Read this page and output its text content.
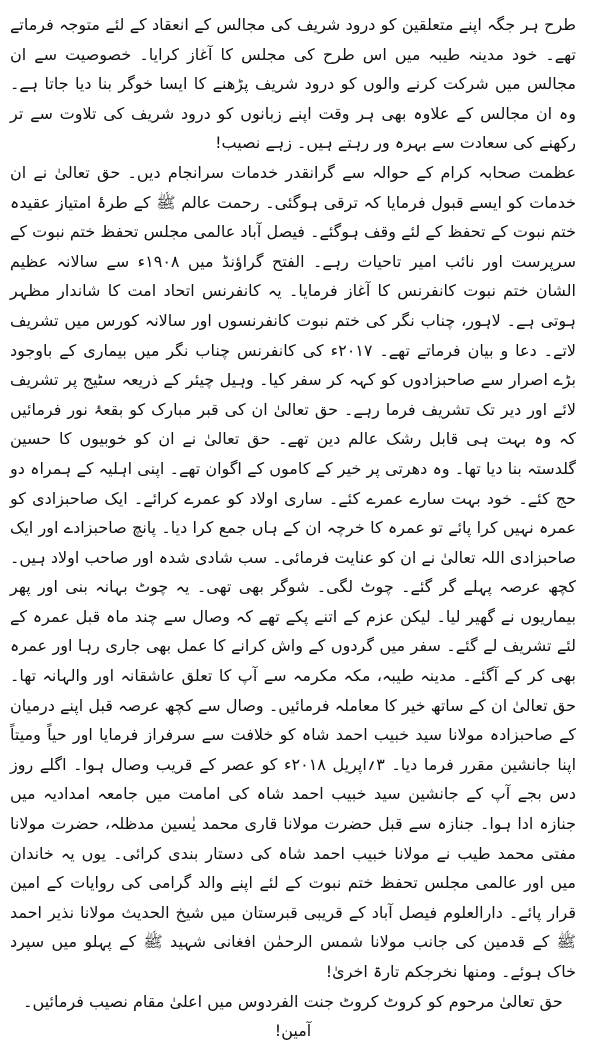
طرح ہر جگہ اپنے متعلقین کو درود شریف کی مجالس کے انعقاد کے لئے متوجہ فرماتے تھے۔ خود مدینہ طیبہ میں اس طرح کی مجلس کا آغاز کرایا۔ خصوصیت سے ان مجالس میں شرکت کرنے والوں کو درود شریف پڑھنے کا ایسا خوگر بنا دیا جاتا ہے۔ وہ ان مجالس کے علاوہ بھی ہر وقت اپنے زبانوں کو درود شریف کی تلاوت سے تر رکھنے کی سعادت سے بہرہ ور رہتے ہیں۔ زہے نصیب!

عظمت صحابہ کرام کے حوالہ سے گرانقدر خدمات سرانجام دیں۔ حق تعالیٰ نے ان خدمات کو ایسے قبول فرمایا کہ ترقی ہوگئی۔ رحمت عالم ﷺ کے طرۂ امتیاز عقیدہ ختم نبوت کے تحفظ کے لئے وقف ہوگئے۔ فیصل آباد عالمی مجلس تحفظ ختم نبوت کے سرپرست اور نائب امیر تاحیات رہے۔ الفتح گراؤنڈ میں ۱۹۰۸ء سے سالانہ عظیم الشان ختم نبوت کانفرنس کا آغاز فرمایا۔ یہ کانفرنس اتحاد امت کا شاندار مظہر ہوتی ہے۔ لاہور، چناب نگر کی ختم نبوت کانفرنسوں اور سالانہ کورس میں تشریف لاتے۔ دعا و بیان فرماتے تھے۔ ۲۰۱۷ء کی کانفرنس چناب نگر میں بیماری کے باوجود بڑے اصرار سے صاحبزادوں کو کہہ کر سفر کیا۔ وہیل چیئر کے ذریعہ سٹیج پر تشریف لائے اور دیر تک تشریف فرما رہے۔ حق تعالیٰ ان کی قبر مبارک کو بقعۂ نور فرمائیں کہ وہ بہت ہی قابل رشک عالم دین تھے۔ حق تعالیٰ نے ان کو خوبیوں کا حسین گلدستہ بنا دیا تھا۔ وہ دھرتی پر خیر کے کاموں کے اگوان تھے۔ اپنی اہلیہ کے ہمراہ دو حج کئے۔ خود بہت سارے عمرے کئے۔ ساری اولاد کو عمرے کرائے۔ ایک صاحبزادی کو عمرہ نہیں کرا پائے تو عمرہ کا خرچہ ان کے ہاں جمع کرا دیا۔ پانچ صاحبزادے اور ایک صاحبزادی اللہ تعالیٰ نے ان کو عنایت فرمائی۔ سب شادی شدہ اور صاحب اولاد ہیں۔ کچھ عرصہ پہلے گر گئے۔ چوٹ لگی۔ شوگر بھی تھی۔ یہ چوٹ بہانہ بنی اور پھر بیماریوں نے گھیر لیا۔ لیکن عزم کے اتنے پکے تھے کہ وصال سے چند ماہ قبل عمرہ کے لئے تشریف لے گئے۔ سفر میں گردوں کے واش کرانے کا عمل بھی جاری رہا اور عمرہ بھی کر کے آگئے۔ مدینہ طیبہ، مکہ مکرمہ سے آپ کا تعلق عاشقانہ اور والہانہ تھا۔ حق تعالیٰ ان کے ساتھ خیر کا معاملہ فرمائیں۔ وصال سے کچھ عرصہ قبل اپنے درمیان کے صاحبزادہ مولانا سید خبیب احمد شاہ کو خلافت سے سرفراز فرمایا اور حیاً ومیتاً اپنا جانشین مقرر فرما دیا۔ ۳؍اپریل ۲۰۱۸ء کو عصر کے قریب وصال ہوا۔ اگلے روز دس بجے آپ کے جانشین سید خبیب احمد شاہ کی امامت میں جامعہ امدادیہ میں جنازہ ادا ہوا۔ جنازہ سے قبل حضرت مولانا قاری محمد یٰسین مدظلہ، حضرت مولانا مفتی محمد طیب نے مولانا خبیب احمد شاہ کی دستار بندی کرائی۔ یوں یہ خاندان میں اور عالمی مجلس تحفظ ختم نبوت کے لئے اپنے والد گرامی کی روایات کے امین قرار پائے۔ دارالعلوم فیصل آباد کے قریبی قبرستان میں شیخ الحدیث مولانا نذیر احمد ﷺ کے قدمین کی جانب مولانا شمس الرحمٰن افغانی شہید ﷺ کے پہلو میں سپرد خاک ہوئے۔ ومنھا نخرجکم تارۃ اخریٰ!

حق تعالیٰ مرحوم کو کروٹ کروٹ جنت الفردوس میں اعلیٰ مقام نصیب فرمائیں۔ آمین!
